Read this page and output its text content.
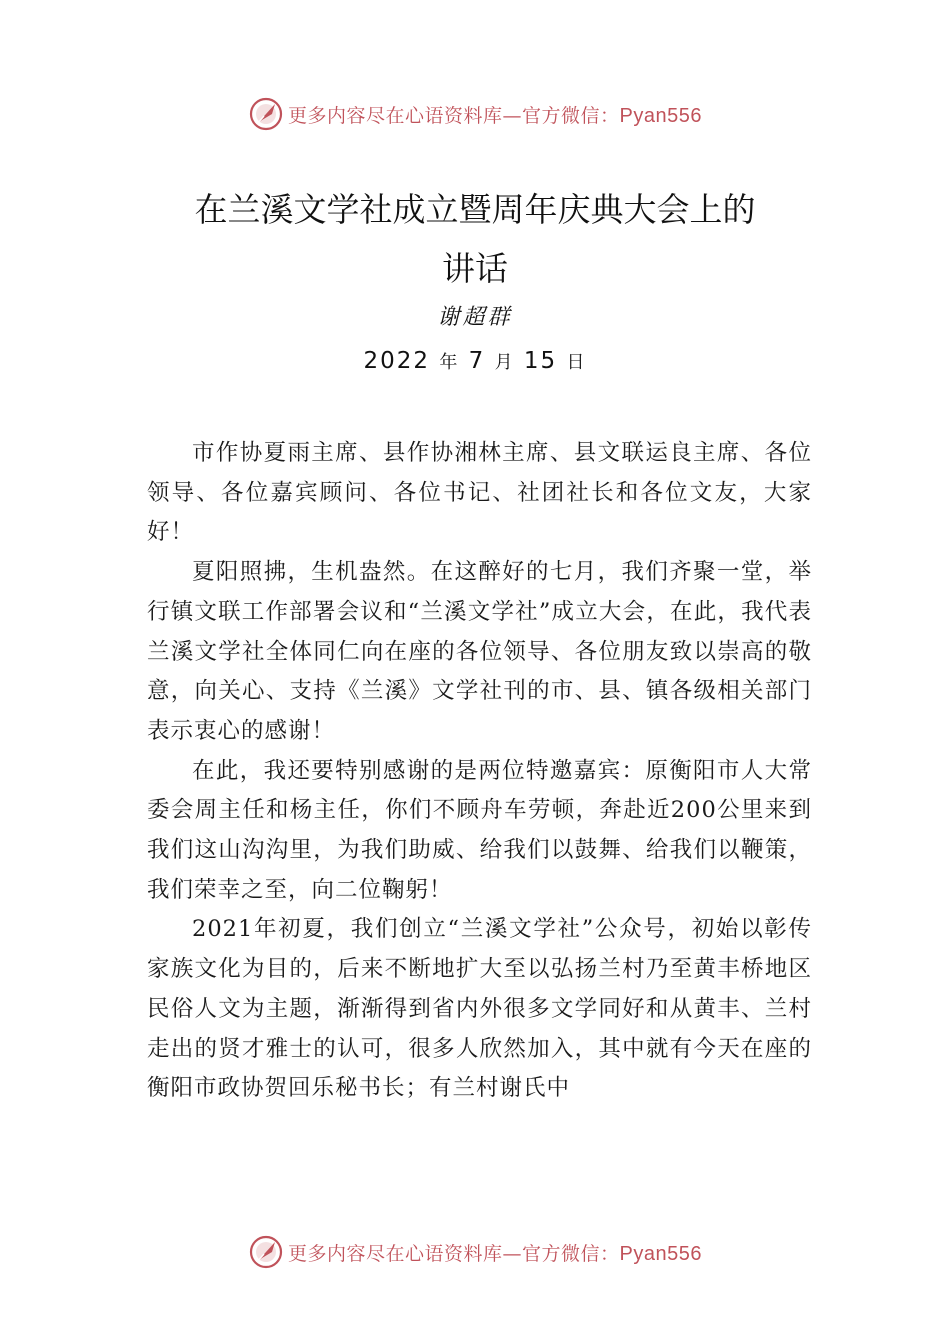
更多内容尽在心语资料库—官方微信：Pyan556
在兰溪文学社成立暨周年庆典大会上的
讲话
谢超群
2022 年 7 月 15 日

市作协夏雨主席、县作协湘林主席、县文联运良主席、各位领导、各位嘉宾顾问、各位书记、社团社长和各位文友，大家好！

夏阳照拂，生机盎然。在这醉好的七月，我们齐聚一堂，举行镇文联工作部署会议和“兰溪文学社”成立大会，在此，我代表兰溪文学社全体同仁向在座的各位领导、各位朋友致以崇高的敬意，向关心、支持《兰溪》文学社刊的市、县、镇各级相关部门表示衷心的感谢！

在此，我还要特别感谢的是两位特邀嘉宾：原衡阳市人大常委会周主任和杨主任，你们不顾舟车劳顿，奔赴近200公里来到我们这山沟沟里，为我们助威、给我们以鼓舞、给我们以鞭策，我们荣幸之至，向二位鞠躬！

2021年初夏，我们创立“兰溪文学社”公众号，初始以彰传家族文化为目的，后来不断地扩大至以弘扬兰村乃至黄丰桥地区民俗人文为主题，渐渐得到省内外很多文学同好和从黄丰、兰村走出的贤才雅士的认可，很多人欣然加入，其中就有今天在座的衡阳市政协贺回乐秘书长；有兰村谢氏中

更多内容尽在心语资料库—官方微信：Pyan556
